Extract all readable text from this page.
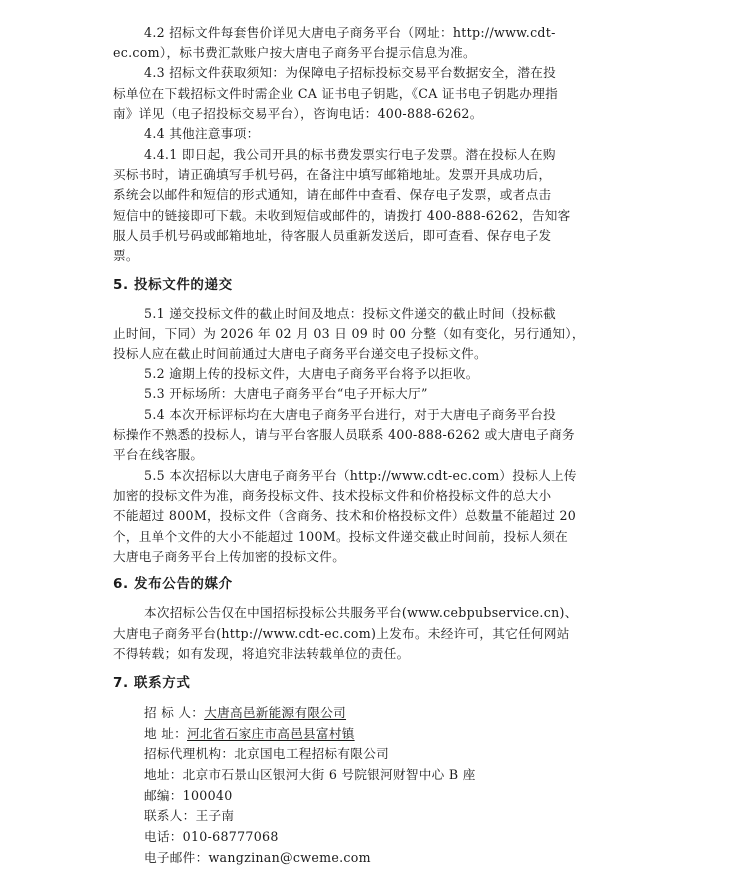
4.2 招标文件每套售价详见大唐电子商务平台（网址：http://www.cdt-
ec.com），标书费汇款账户按大唐电子商务平台提示信息为准。
4.3 招标文件获取须知：为保障电子招标投标交易平台数据安全，潜在投
标单位在下载招标文件时需企业 CA 证书电子钥匙，《CA 证书电子钥匙办理指
南》详见（电子招投标交易平台），咨询电话：400-888-6262。
4.4 其他注意事项：
4.4.1 即日起，我公司开具的标书费发票实行电子发票。潜在投标人在购
买标书时，请正确填写手机号码，在备注中填写邮箱地址。发票开具成功后，
系统会以邮件和短信的形式通知，请在邮件中查看、保存电子发票，或者点击
短信中的链接即可下载。未收到短信或邮件的，请拨打 400-888-6262，告知客
服人员手机号码或邮箱地址，待客服人员重新发送后，即可查看、保存电子发
票。
5. 投标文件的递交
5.1 递交投标文件的截止时间及地点：投标文件递交的截止时间（投标截
止时间，下同）为 2026 年 02 月 03 日 09 时 00 分整（如有变化，另行通知），
投标人应在截止时间前通过大唐电子商务平台递交电子投标文件。
5.2 逾期上传的投标文件，大唐电子商务平台将予以拒收。
5.3 开标场所：大唐电子商务平台“电子开标大厅”
5.4 本次开标评标均在大唐电子商务平台进行，对于大唐电子商务平台投
标操作不熟悉的投标人，请与平台客服人员联系 400-888-6262 或大唐电子商务
平台在线客服。
5.5 本次招标以大唐电子商务平台（http://www.cdt-ec.com）投标人上传
加密的投标文件为准，商务投标文件、技术投标文件和价格投标文件的总大小
不能超过 800M，投标文件（含商务、技术和价格投标文件）总数量不能超过 20
个，且单个文件的大小不能超过 100M。投标文件递交截止时间前，投标人须在
大唐电子商务平台上传加密的投标文件。
6. 发布公告的媒介
本次招标公告仅在中国招标投标公共服务平台(www.cebpubservice.cn)、
大唐电子商务平台(http://www.cdt-ec.com)上发布。未经许可，其它任何网站
不得转载；如有发现，将追究非法转载单位的责任。
7. 联系方式
招 标 人：大唐高邑新能源有限公司
地 址：河北省石家庄市高邑县富村镇
招标代理机构：北京国电工程招标有限公司
地址：北京市石景山区银河大街 6 号院银河财智中心 B 座
邮编：100040
联系人：王子南
电话：010-68777068
电子邮件：wangzinan@cweme.com
